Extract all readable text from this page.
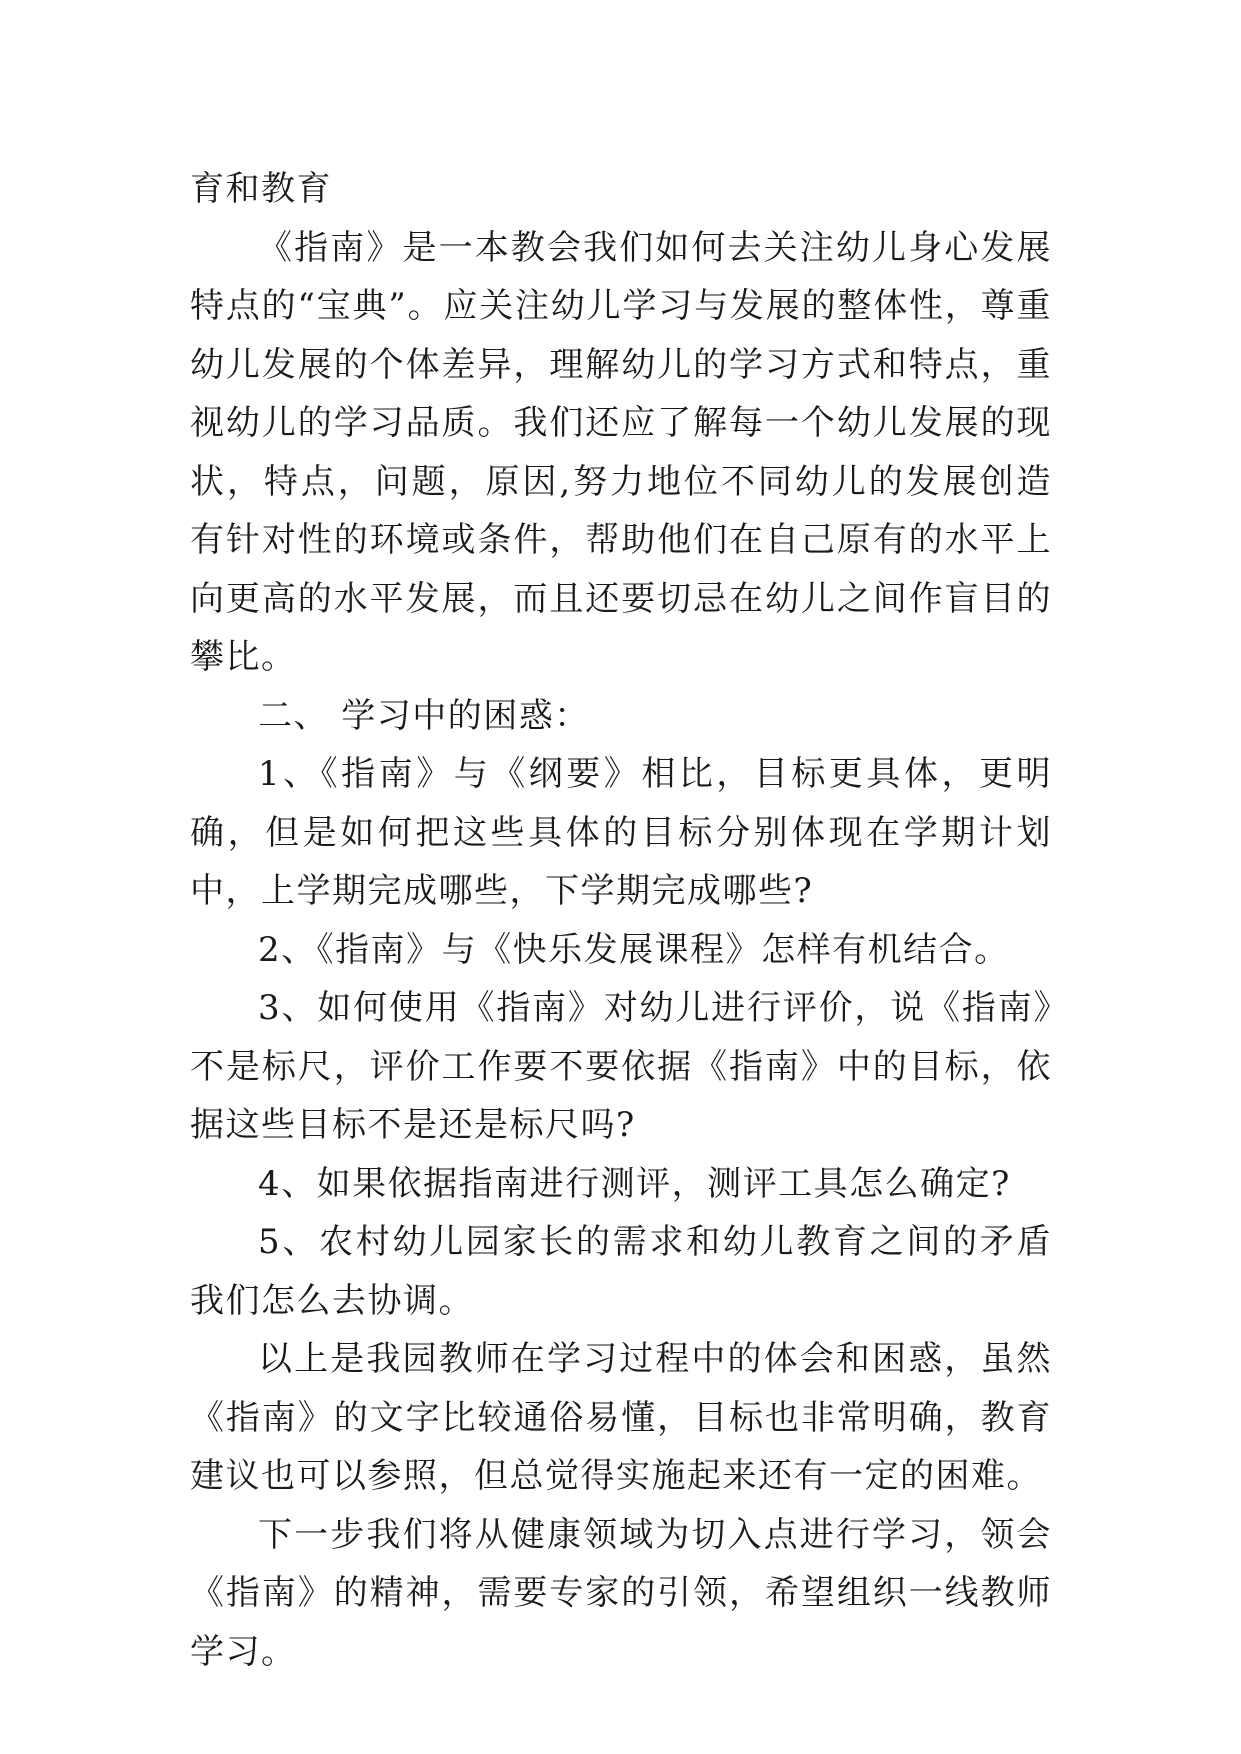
育和教育

《指南》是一本教会我们如何去关注幼儿身心发展特点的“宝典”。应关注幼儿学习与发展的整体性，尊重幼儿发展的个体差异，理解幼儿的学习方式和特点，重视幼儿的学习品质。我们还应了解每一个幼儿发展的现状，特点，问题，原因,努力地位不同幼儿的发展创造有针对性的环境或条件，帮助他们在自己原有的水平上向更高的水平发展，而且还要切忌在幼儿之间作盲目的攀比。

二、 学习中的困惑：

1、《指南》与《纲要》相比，目标更具体，更明确，但是如何把这些具体的目标分别体现在学期计划中，上学期完成哪些，下学期完成哪些?

2、《指南》与《快乐发展课程》怎样有机结合。

3、如何使用《指南》对幼儿进行评价，说《指南》不是标尺，评价工作要不要依据《指南》中的目标，依据这些目标不是还是标尺吗?

4、如果依据指南进行测评，测评工具怎么确定?

5、农村幼儿园家长的需求和幼儿教育之间的矛盾我们怎么去协调。

以上是我园教师在学习过程中的体会和困惑，虽然《指南》的文字比较通俗易懂，目标也非常明确，教育建议也可以参照，但总觉得实施起来还有一定的困难。

下一步我们将从健康领域为切入点进行学习，领会《指南》的精神，需要专家的引领，希望组织一线教师学习。
